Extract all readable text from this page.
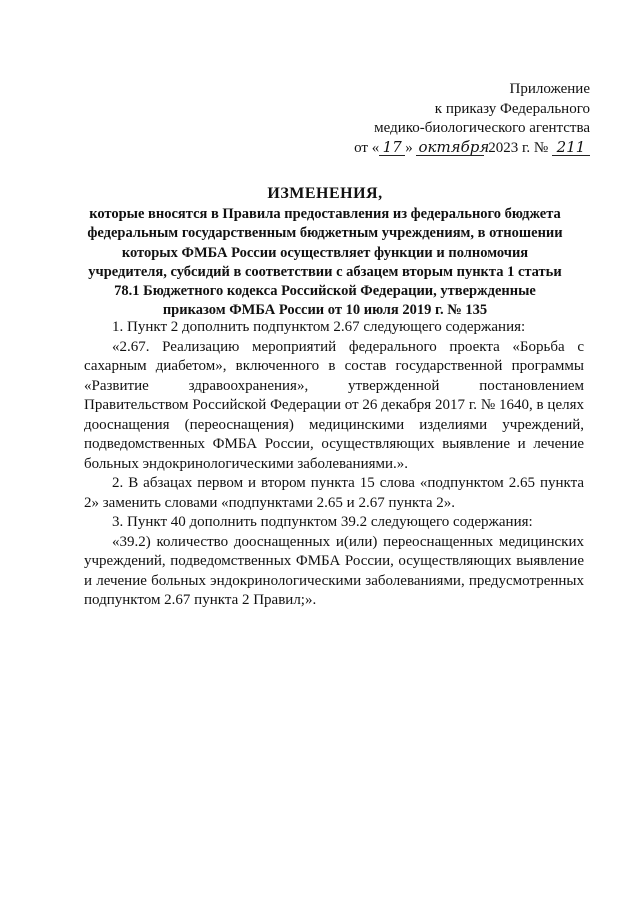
Приложение
к приказу Федерального
медико-биологического агентства
от « 17 » октября 2023 г. № 211
ИЗМЕНЕНИЯ,
которые вносятся в Правила предоставления из федерального бюджета
федеральным государственным бюджетным учреждениям, в отношении
которых ФМБА России осуществляет функции и полномочия
учредителя, субсидий в соответствии с абзацем вторым пункта 1 статьи
78.1 Бюджетного кодекса Российской Федерации, утвержденные
приказом ФМБА России от 10 июля 2019 г. № 135

1. Пункт 2 дополнить подпунктом 2.67 следующего содержания:

«2.67. Реализацию мероприятий федерального проекта «Борьба с сахарным диабетом», включенного в состав государственной программы «Развитие здравоохранения», утвержденной постановлением Правительством Российской Федерации от 26 декабря 2017 г. № 1640, в целях дооснащения (переоснащения) медицинскими изделиями учреждений, подведомственных ФМБА России, осуществляющих выявление и лечение больных эндокринологическими заболеваниями.».

2. В абзацах первом и втором пункта 15 слова «подпунктом 2.65 пункта 2» заменить словами «подпунктами 2.65 и 2.67 пункта 2».

3. Пункт 40 дополнить подпунктом 39.2 следующего содержания:

«39.2) количество дооснащенных и(или) переоснащенных медицинских учреждений, подведомственных ФМБА России, осуществляющих выявление и лечение больных эндокринологическими заболеваниями, предусмотренных подпунктом 2.67 пункта 2 Правил;».
